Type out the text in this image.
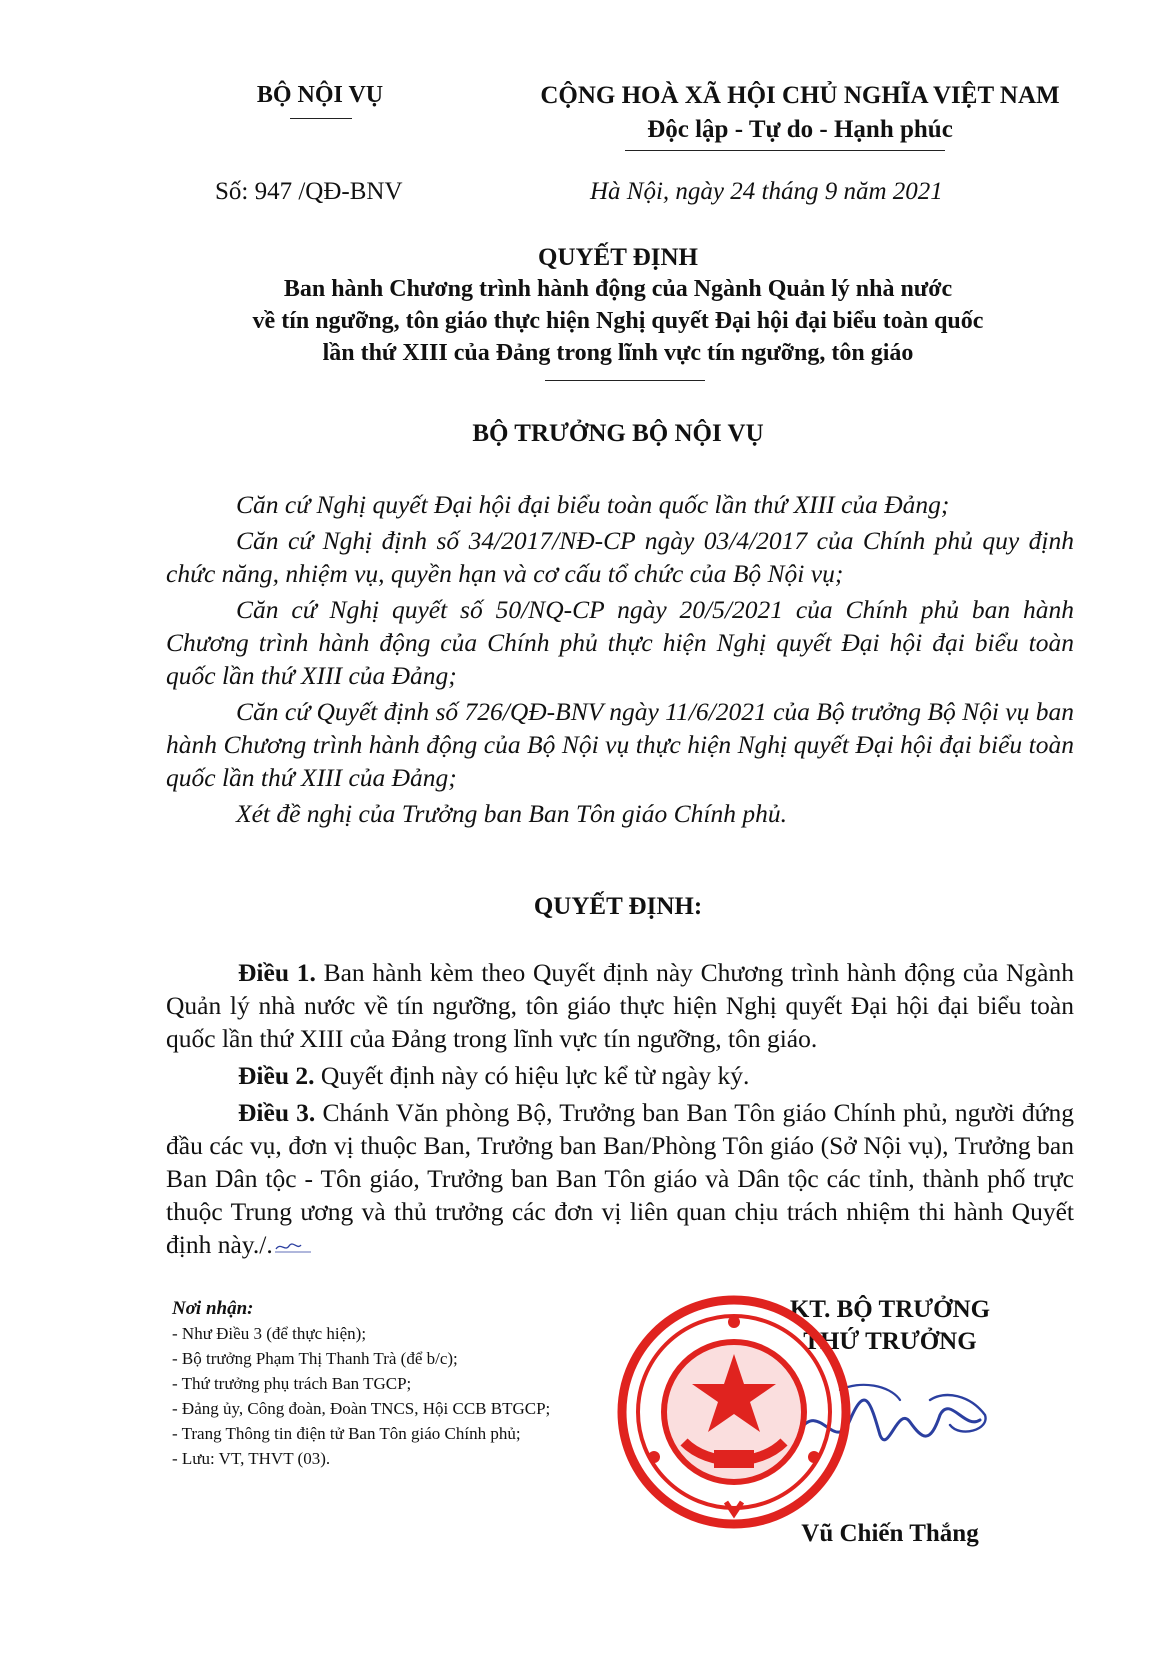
BỘ NỘI VỤ	CỘNG HOÀ XÃ HỘI CHỦ NGHĨA VIỆT NAM
Độc lập - Tự do - Hạnh phúc
Số: 947 /QĐ-BNV	Hà Nội, ngày 24 tháng 9 năm 2021
QUYẾT ĐỊNH
Ban hành Chương trình hành động của Ngành Quản lý nhà nước
về tín ngưỡng, tôn giáo thực hiện Nghị quyết Đại hội đại biểu toàn quốc
lần thứ XIII của Đảng trong lĩnh vực tín ngưỡng, tôn giáo
BỘ TRƯỞNG BỘ NỘI VỤ

Căn cứ Nghị quyết Đại hội đại biểu toàn quốc lần thứ XIII của Đảng;

Căn cứ Nghị định số 34/2017/NĐ-CP ngày 03/4/2017 của Chính phủ quy định chức năng, nhiệm vụ, quyền hạn và cơ cấu tổ chức của Bộ Nội vụ;

Căn cứ Nghị quyết số 50/NQ-CP ngày 20/5/2021 của Chính phủ ban hành Chương trình hành động của Chính phủ thực hiện Nghị quyết Đại hội đại biểu toàn quốc lần thứ XIII của Đảng;

Căn cứ Quyết định số 726/QĐ-BNV ngày 11/6/2021 của Bộ trưởng Bộ Nội vụ ban hành Chương trình hành động của Bộ Nội vụ thực hiện Nghị quyết Đại hội đại biểu toàn quốc lần thứ XIII của Đảng;

Xét đề nghị của Trưởng ban Ban Tôn giáo Chính phủ.

QUYẾT ĐỊNH:

Điều 1. Ban hành kèm theo Quyết định này Chương trình hành động của Ngành Quản lý nhà nước về tín ngưỡng, tôn giáo thực hiện Nghị quyết Đại hội đại biểu toàn quốc lần thứ XIII của Đảng trong lĩnh vực tín ngưỡng, tôn giáo.

Điều 2. Quyết định này có hiệu lực kể từ ngày ký.

Điều 3. Chánh Văn phòng Bộ, Trưởng ban Ban Tôn giáo Chính phủ, người đứng đầu các vụ, đơn vị thuộc Ban, Trưởng ban Ban/Phòng Tôn giáo (Sở Nội vụ), Trưởng ban Ban Dân tộc - Tôn giáo, Trưởng ban Ban Tôn giáo và Dân tộc các tỉnh, thành phố trực thuộc Trung ương và thủ trưởng các đơn vị liên quan chịu trách nhiệm thi hành Quyết định này./.

Nơi nhận:
- Như Điều 3 (để thực hiện);
- Bộ trưởng Phạm Thị Thanh Trà (để b/c);
- Thứ trưởng phụ trách Ban TGCP;
- Đảng ủy, Công đoàn, Đoàn TNCS, Hội CCB BTGCP;
- Trang Thông tin điện tử Ban Tôn giáo Chính phủ;
- Lưu: VT, THVT (03).
KT. BỘ TRƯỞNG
THỨ TRƯỞNG
Vũ Chiến Thắng
